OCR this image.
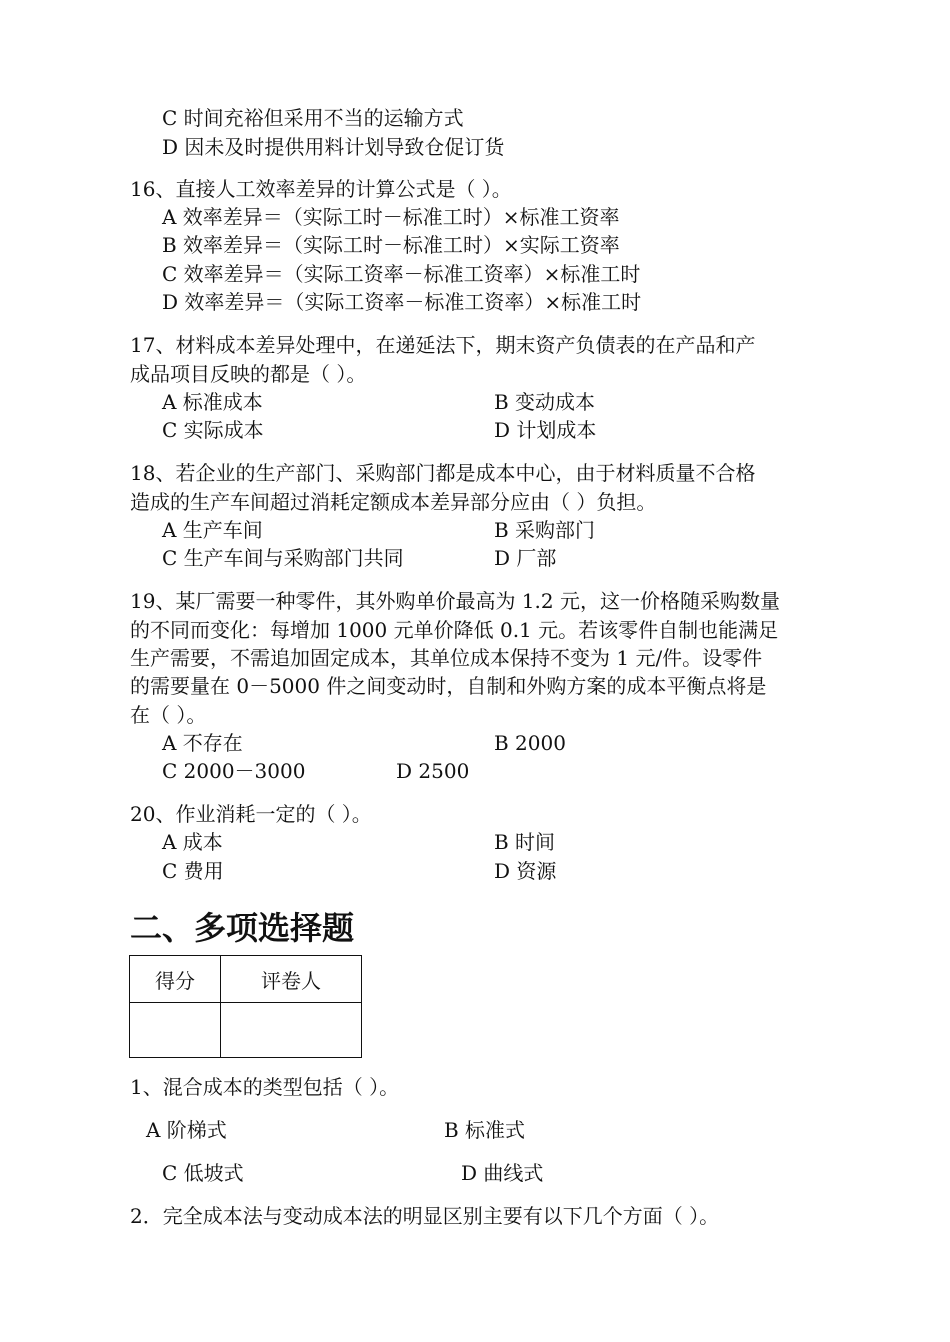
C 时间充裕但采用不当的运输方式
D 因未及时提供用料计划导致仓促订货
16、直接人工效率差异的计算公式是（ ）。
A 效率差异＝（实际工时－标准工时）×标准工资率
B 效率差异＝（实际工时－标准工时）×实际工资率
C 效率差异＝（实际工资率－标准工资率）×标准工时
D 效率差异＝（实际工资率－标准工资率）×标准工时
17、材料成本差异处理中，在递延法下，期末资产负债表的在产品和产
成品项目反映的都是（ ）。
A 标准成本	B 变动成本
C 实际成本	D 计划成本
18、若企业的生产部门、采购部门都是成本中心，由于材料质量不合格
造成的生产车间超过消耗定额成本差异部分应由（ ）负担。
A 生产车间	B 采购部门
C 生产车间与采购部门共同	D 厂部
19、某厂需要一种零件，其外购单价最高为 1.2 元，这一价格随采购数量
的不同而变化：每增加 1000 元单价降低 0.1 元。若该零件自制也能满足
生产需要，不需追加固定成本，其单位成本保持不变为 1 元/件。设零件
的需要量在 0－5000 件之间变动时，自制和外购方案的成本平衡点将是
在（ ）。
A 不存在	B 2000
C 2000－3000	D 2500
20、作业消耗一定的（ ）。
A 成本	B 时间
C 费用	D 资源
二、多项选择题
得分	评卷人

1、混合成本的类型包括（ ）。
A 阶梯式	B 标准式
C 低坡式	D 曲线式
2．完全成本法与变动成本法的明显区别主要有以下几个方面（ ）。
